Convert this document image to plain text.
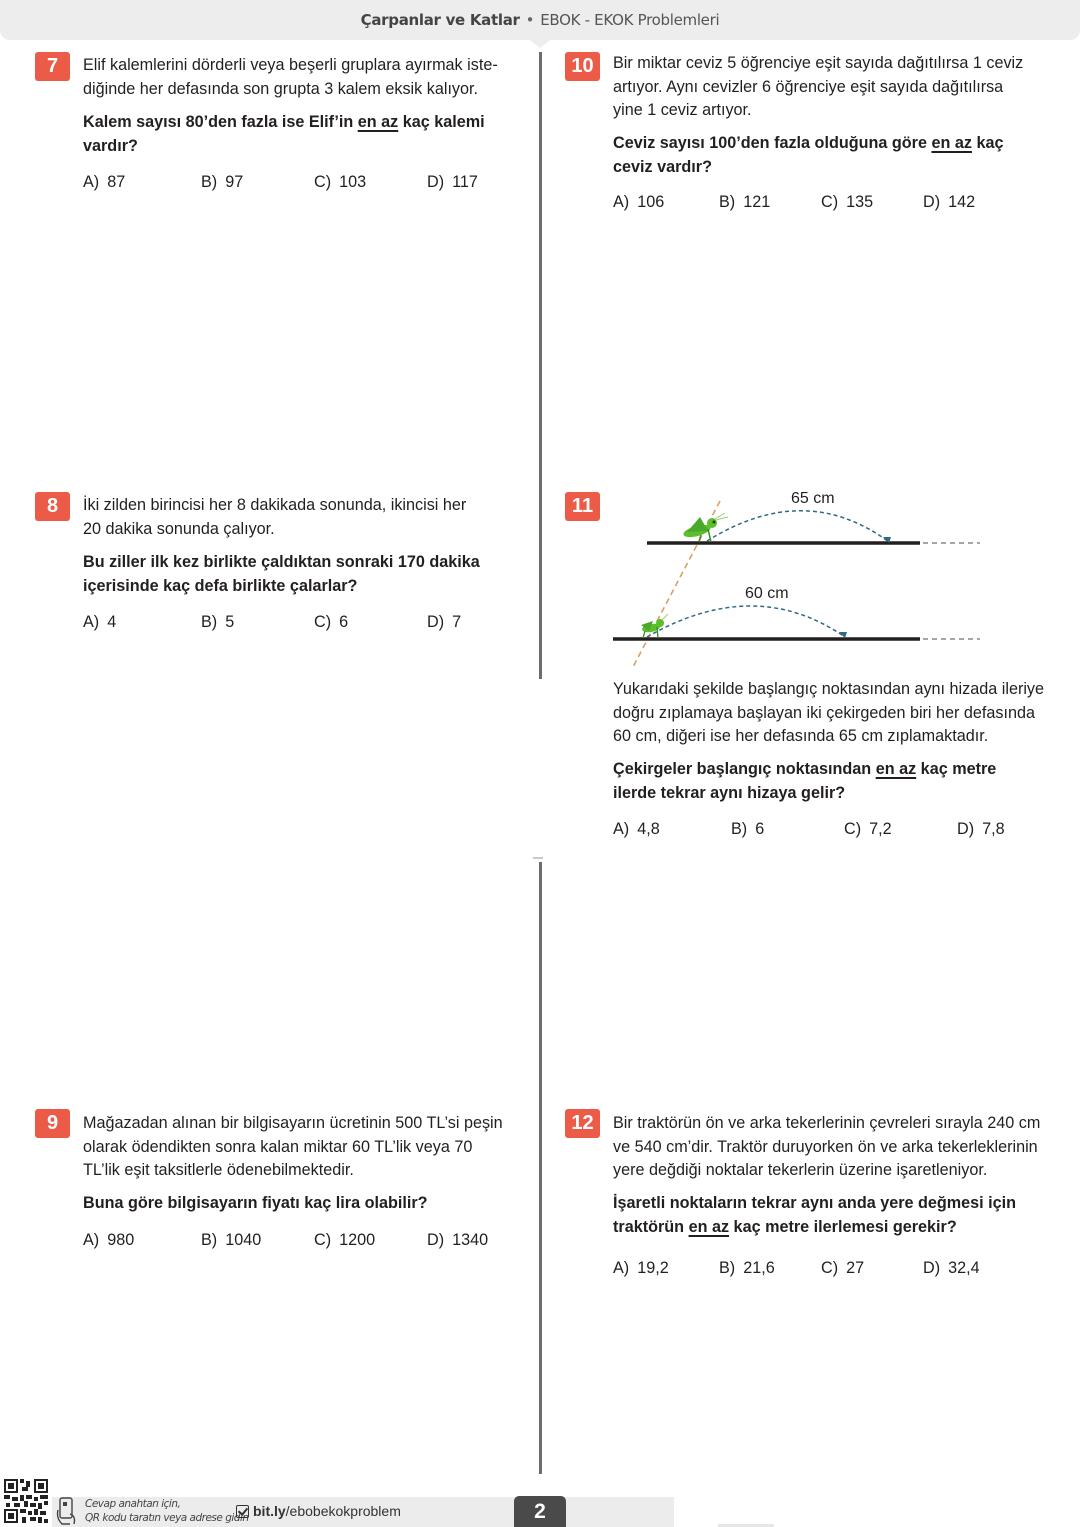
Çarpanlar ve Katlar • EBOK - EKOK Problemleri
7	Elif kalemlerini dörderli veya beşerli gruplara ayırmak iste-
diğinde her defasında son grupta 3 kalem eksik kalıyor.
Kalem sayısı 80’den fazla ise Elif’in en az kaç kalemi
vardır?
A) 87	B) 97	C) 103	D) 117
8	İki zilden birincisi her 8 dakikada sonunda, ikincisi her
20 dakika sonunda çalıyor.
Bu ziller ilk kez birlikte çaldıktan sonraki 170 dakika
içerisinde kaç defa birlikte çalarlar?
A) 4	B) 5	C) 6	D) 7
9	Mağazadan alınan bir bilgisayarın ücretinin 500 TL’si peşin
olarak ödendikten sonra kalan miktar 60 TL’lik veya 70
TL’lik eşit taksitlerle ödenebilmektedir.
Buna göre bilgisayarın fiyatı kaç lira olabilir?
A) 980	B) 1040	C) 1200	D) 1340
10	Bir miktar ceviz 5 öğrenciye eşit sayıda dağıtılırsa 1 ceviz
artıyor. Aynı cevizler 6 öğrenciye eşit sayıda dağıtılırsa
yine 1 ceviz artıyor.
Ceviz sayısı 100’den fazla olduğuna göre en az kaç
ceviz vardır?
A) 106	B) 121	C) 135	D) 142
11	65 cm
60 cm
Yukarıdaki şekilde başlangıç noktasından aynı hizada ileriye
doğru zıplamaya başlayan iki çekirgeden biri her defasında
60 cm, diğeri ise her defasında 65 cm zıplamaktadır.
Çekirgeler başlangıç noktasından en az kaç metre
ilerde tekrar aynı hizaya gelir?
A) 4,8	B) 6	C) 7,2	D) 7,8
12	Bir traktörün ön ve arka tekerlerinin çevreleri sırayla 240 cm
ve 540 cm’dir. Traktör duruyorken ön ve arka tekerleklerinin
yere değdiği noktalar tekerlerin üzerine işaretleniyor.
İşaretli noktaların tekrar aynı anda yere değmesi için
traktörün en az kaç metre ilerlemesi gerekir?
A) 19,2	B) 21,6	C) 27	D) 32,4
Cevap anahtarı için,
QR kodu taratın veya adrese gidin bit.ly /ebobekokproblem	2
